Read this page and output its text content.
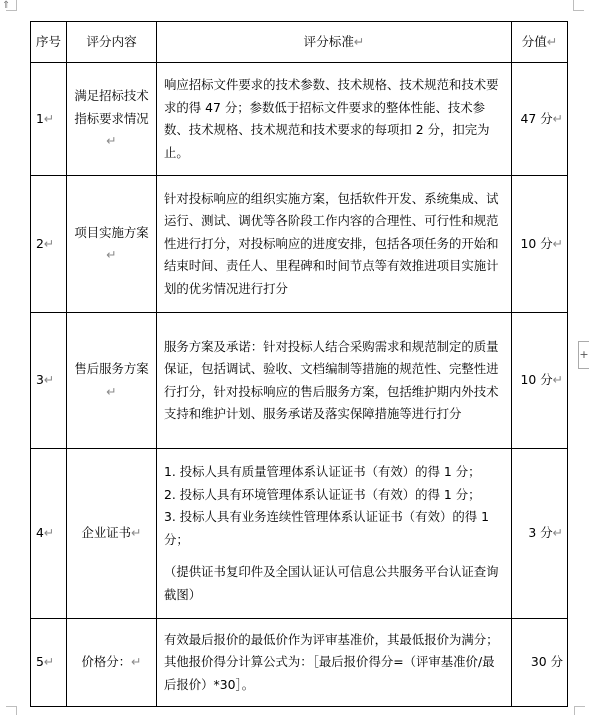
⇑
+
序号	评分内容	评分标准↵	分值↵
1↵	满足招标技术指标要求情况↵	响应招标文件要求的技术参数、技术规格、技术规范和技术要求的得 47 分；参数低于招标文件要求的整体性能、技术参数、技术规格、技术规范和技术要求的每项扣 2 分，扣完为止。	47 分↵
2↵	项目实施方案↵	针对投标响应的组织实施方案，包括软件开发、系统集成、试运行、测试、调优等各阶段工作内容的合理性、可行性和规范性进行打分，对投标响应的进度安排，包括各项任务的开始和结束时间、责任人、里程碑和时间节点等有效推进项目实施计划的优劣情况进行打分	10 分↵
3↵	售后服务方案↵	服务方案及承诺：针对投标人结合采购需求和规范制定的质量保证，包括调试、验收、文档编制等措施的规范性、完整性进行打分，针对投标响应的售后服务方案，包括维护期内外技术支持和维护计划、服务承诺及落实保障措施等进行打分	10 分↵
4↵	企业证书↵	1. 投标人具有质量管理体系认证证书（有效）的得 1 分；
2. 投标人具有环境管理体系认证证书（有效）的得 1 分；
3. 投标人具有业务连续性管理体系认证证书（有效）的得 1 分；
（提供证书复印件及全国认证认可信息公共服务平台认证查询截图）	3 分↵
5↵	价格分：↵	有效最后报价的最低价作为评审基准价，其最低报价为满分；其他报价得分计算公式为：［最后报价得分=（评审基准价/最后报价）*30］。	30 分
